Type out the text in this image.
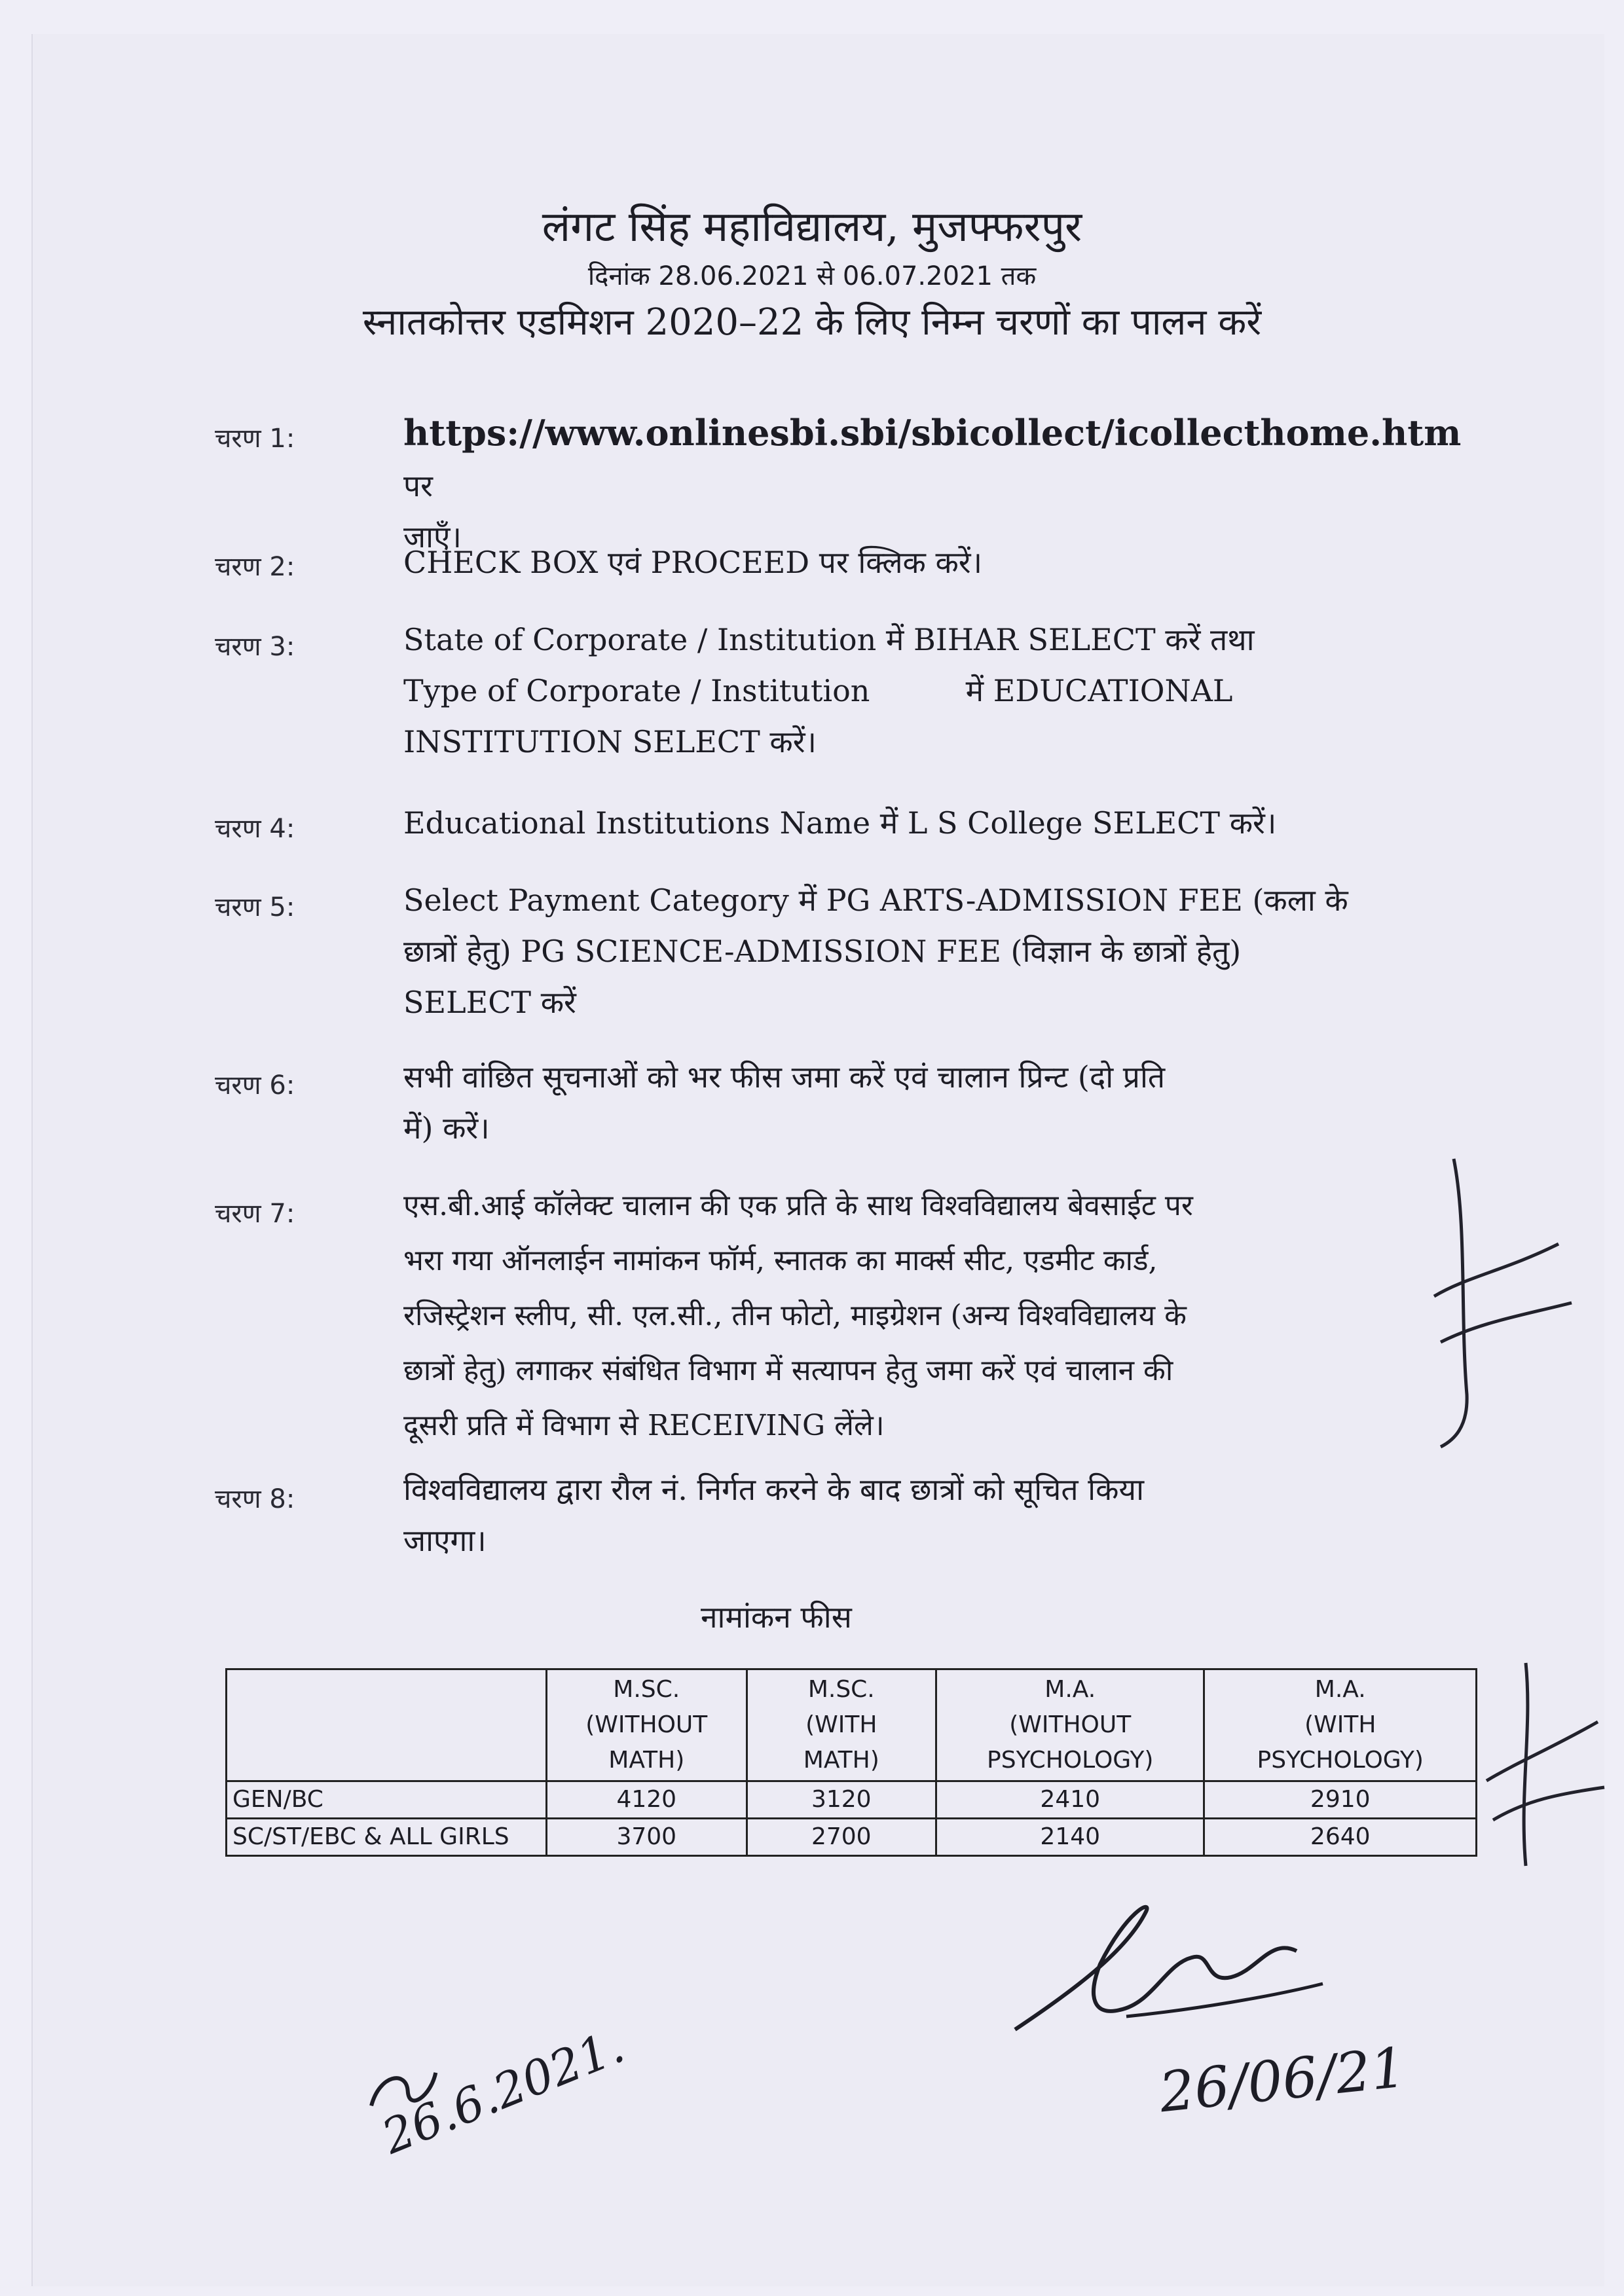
लंगट सिंह महाविद्यालय, मुजफ्फरपुर
दिनांक 28.06.2021 से 06.07.2021 तक
स्नातकोत्तर एडमिशन 2020–22 के लिए निम्न चरणों का पालन करें
चरण 1:	https://www.onlinesbi.sbi/sbicollect/icollecthome.htm पर
जाएँ।
चरण 2:	CHECK BOX एवं PROCEED पर क्लिक करें।
चरण 3:	State of Corporate / Institution में BIHAR SELECT करें तथा
Type of Corporate / Institution          में EDUCATIONAL
INSTITUTION SELECT करें।
चरण 4:	Educational Institutions Name में L S College SELECT करें।
चरण 5:	Select Payment Category में PG ARTS-ADMISSION FEE (कला के
छात्रों हेतु) PG SCIENCE-ADMISSION FEE (विज्ञान के छात्रों हेतु)
SELECT करें
चरण 6:	सभी वांछित सूचनाओं को भर फीस जमा करें एवं चालान प्रिन्ट (दो प्रति
में) करें।
चरण 7:	एस.बी.आई कॉलेक्ट चालान की एक प्रति के साथ विश्वविद्यालय बेवसाईट पर
भरा गया ऑनलाईन नामांकन फॉर्म, स्नातक का मार्क्स सीट, एडमीट कार्ड,
रजिस्ट्रेशन स्लीप, सी. एल.सी., तीन फोटो, माइग्रेशन (अन्य विश्वविद्यालय के
छात्रों हेतु) लगाकर संबंधित विभाग में सत्यापन हेतु जमा करें एवं चालान की
दूसरी प्रति में विभाग से RECEIVING लेंले।
चरण 8:	विश्वविद्यालय द्वारा रौल नं. निर्गत करने के बाद छात्रों को सूचित किया
जाएगा।
नामांकन फीस
	M.SC.
(WITHOUT
MATH)	M.SC.
(WITH
MATH)	M.A.
(WITHOUT
PSYCHOLOGY)	M.A.
(WITH
PSYCHOLOGY)
GEN/BC	4120	3120	2410	2910
SC/ST/EBC & ALL GIRLS	3700	2700	2140	2640
26.6.2021.	26/06/21
